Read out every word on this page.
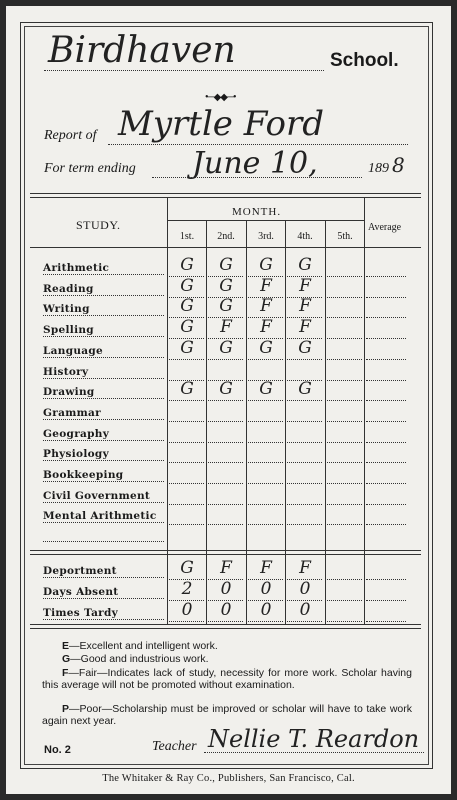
Birdhaven	School.
•─◆◆─•
Report of Myrtle Ford
For term ending June 10,	189 8
STUDY.
MONTH.
Average
1st.	2nd.	3rd.	4th.	5th.
Arithmetic	G	G	G	G
Reading	G	G	F	F
Writing	G	G	F	F
Spelling	G	F	F	F
Language	G	G	G	G
History
Drawing	G	G	G	G
Grammar
Geography
Physiology
Bookkeeping
Civil Government
Mental Arithmetic
Deportment	G	F	F	F
Days Absent	2	0	0	0
Times Tardy	0	0	0	0
E—Excellent and intelligent work.
G—Good and industrious work.
F—Fair—Indicates lack of study, necessity for more work. Scholar having this average will not be promoted without examination.
P—Poor—Scholarship must be improved or scholar will have to take work again next year.
No. 2	Teacher Nellie T. Reardon
The Whitaker & Ray Co., Publishers, San Francisco, Cal.
